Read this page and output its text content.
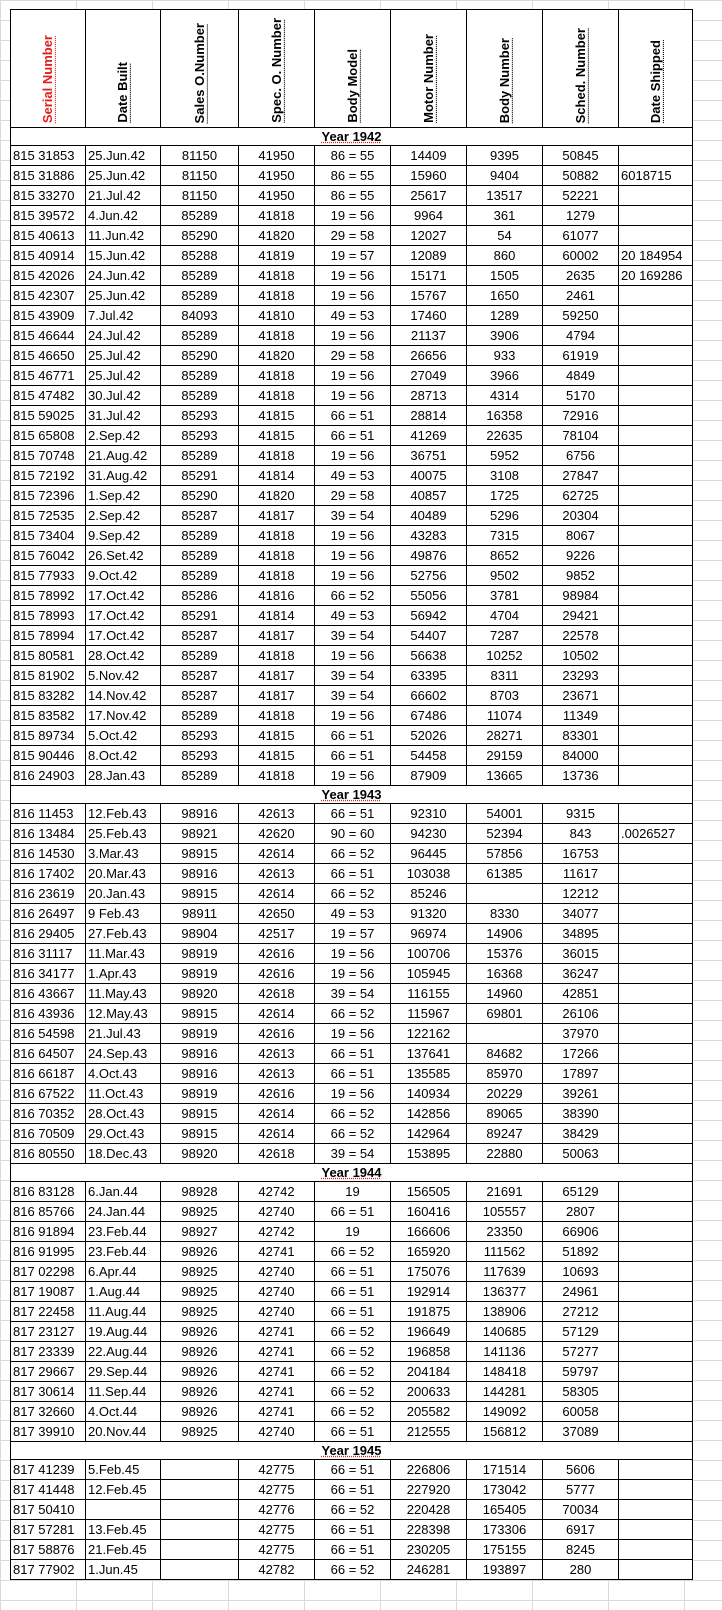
Serial Number	Date Built	Sales O.Number	Spec. O. Number	Body Model	Motor Number	Body Number	Sched. Number	Date Shipped

Year 1942								
815 31853	25.Jun.42	81150	41950	86 = 55	14409	9395	50845	
815 31886	25.Jun.42	81150	41950	86 = 55	15960	9404	50882	6018715
815 33270	21.Jul.42	81150	41950	86 = 55	25617	13517	52221	
815 39572	4.Jun.42	85289	41818	19 = 56	9964	361	1279	
815 40613	11.Jun.42	85290	41820	29 = 58	12027	54	61077	
815 40914	15.Jun.42	85288	41819	19 = 57	12089	860	60002	20 184954
815 42026	24.Jun.42	85289	41818	19 = 56	15171	1505	2635	20 169286
815 42307	25.Jun.42	85289	41818	19 = 56	15767	1650	2461	
815 43909	7.Jul.42	84093	41810	49 = 53	17460	1289	59250	
815 46644	24.Jul.42	85289	41818	19 = 56	21137	3906	4794	
815 46650	25.Jul.42	85290	41820	29 = 58	26656	933	61919	
815 46771	25.Jul.42	85289	41818	19 = 56	27049	3966	4849	
815 47482	30.Jul.42	85289	41818	19 = 56	28713	4314	5170	
815 59025	31.Jul.42	85293	41815	66 = 51	28814	16358	72916	
815 65808	2.Sep.42	85293	41815	66 = 51	41269	22635	78104	
815 70748	21.Aug.42	85289	41818	19 = 56	36751	5952	6756	
815 72192	31.Aug.42	85291	41814	49 = 53	40075	3108	27847	
815 72396	1.Sep.42	85290	41820	29 = 58	40857	1725	62725	
815 72535	2.Sep.42	85287	41817	39 = 54	40489	5296	20304	
815 73404	9.Sep.42	85289	41818	19 = 56	43283	7315	8067	
815 76042	26.Set.42	85289	41818	19 = 56	49876	8652	9226	
815 77933	9.Oct.42	85289	41818	19 = 56	52756	9502	9852	
815 78992	17.Oct.42	85286	41816	66 = 52	55056	3781	98984	
815 78993	17.Oct.42	85291	41814	49 = 53	56942	4704	29421	
815 78994	17.Oct.42	85287	41817	39 = 54	54407	7287	22578	
815 80581	28.Oct.42	85289	41818	19 = 56	56638	10252	10502	
815 81902	5.Nov.42	85287	41817	39 = 54	63395	8311	23293	
815 83282	14.Nov.42	85287	41817	39 = 54	66602	8703	23671	
815 83582	17.Nov.42	85289	41818	19 = 56	67486	11074	11349	
815 89734	5.Oct.42	85293	41815	66 = 51	52026	28271	83301	
815 90446	8.Oct.42	85293	41815	66 = 51	54458	29159	84000	
816 24903	28.Jan.43	85289	41818	19 = 56	87909	13665	13736	
Year 1943								
816 11453	12.Feb.43	98916	42613	66 = 51	92310	54001	9315	
816 13484	25.Feb.43	98921	42620	90 = 60	94230	52394	843	.0026527
816 14530	3.Mar.43	98915	42614	66 = 52	96445	57856	16753	
816 17402	20.Mar.43	98916	42613	66 = 51	103038	61385	11617	
816 23619	20.Jan.43	98915	42614	66 = 52	85246		12212	
816 26497	9 Feb.43	98911	42650	49 = 53	91320	8330	34077	
816 29405	27.Feb.43	98904	42517	19 = 57	96974	14906	34895	
816 31117	11.Mar.43	98919	42616	19 = 56	100706	15376	36015	
816 34177	1.Apr.43	98919	42616	19 = 56	105945	16368	36247	
816 43667	11.May.43	98920	42618	39 = 54	116155	14960	42851	
816 43936	12.May.43	98915	42614	66 = 52	115967	69801	26106	
816 54598	21.Jul.43	98919	42616	19 = 56	122162		37970	
816 64507	24.Sep.43	98916	42613	66 = 51	137641	84682	17266	
816 66187	4.Oct.43	98916	42613	66 = 51	135585	85970	17897	
816 67522	11.Oct.43	98919	42616	19 = 56	140934	20229	39261	
816 70352	28.Oct.43	98915	42614	66 = 52	142856	89065	38390	
816 70509	29.Oct.43	98915	42614	66 = 52	142964	89247	38429	
816 80550	18.Dec.43	98920	42618	39 = 54	153895	22880	50063	
Year 1944								
816 83128	6.Jan.44	98928	42742	19	156505	21691	65129	
816 85766	24.Jan.44	98925	42740	66 = 51	160416	105557	2807	
816 91894	23.Feb.44	98927	42742	19	166606	23350	66906	
816 91995	23.Feb.44	98926	42741	66 = 52	165920	111562	51892	
817 02298	6.Apr.44	98925	42740	66 = 51	175076	117639	10693	
817 19087	1.Aug.44	98925	42740	66 = 51	192914	136377	24961	
817 22458	11.Aug.44	98925	42740	66 = 51	191875	138906	27212	
817 23127	19.Aug.44	98926	42741	66 = 52	196649	140685	57129	
817 23339	22.Aug.44	98926	42741	66 = 52	196858	141136	57277	
817 29667	29.Sep.44	98926	42741	66 = 52	204184	148418	59797	
817 30614	11.Sep.44	98926	42741	66 = 52	200633	144281	58305	
817 32660	4.Oct.44	98926	42741	66 = 52	205582	149092	60058	
817 39910	20.Nov.44	98925	42740	66 = 51	212555	156812	37089	
Year 1945								
817 41239	5.Feb.45		42775	66 = 51	226806	171514	5606	
817 41448	12.Feb.45		42775	66 = 51	227920	173042	5777	
817 50410			42776	66 = 52	220428	165405	70034	
817 57281	13.Feb.45		42775	66 = 51	228398	173306	6917	
817 58876	21.Feb.45		42775	66 = 51	230205	175155	8245	
817 77902	1.Jun.45		42782	66 = 52	246281	193897	280	
